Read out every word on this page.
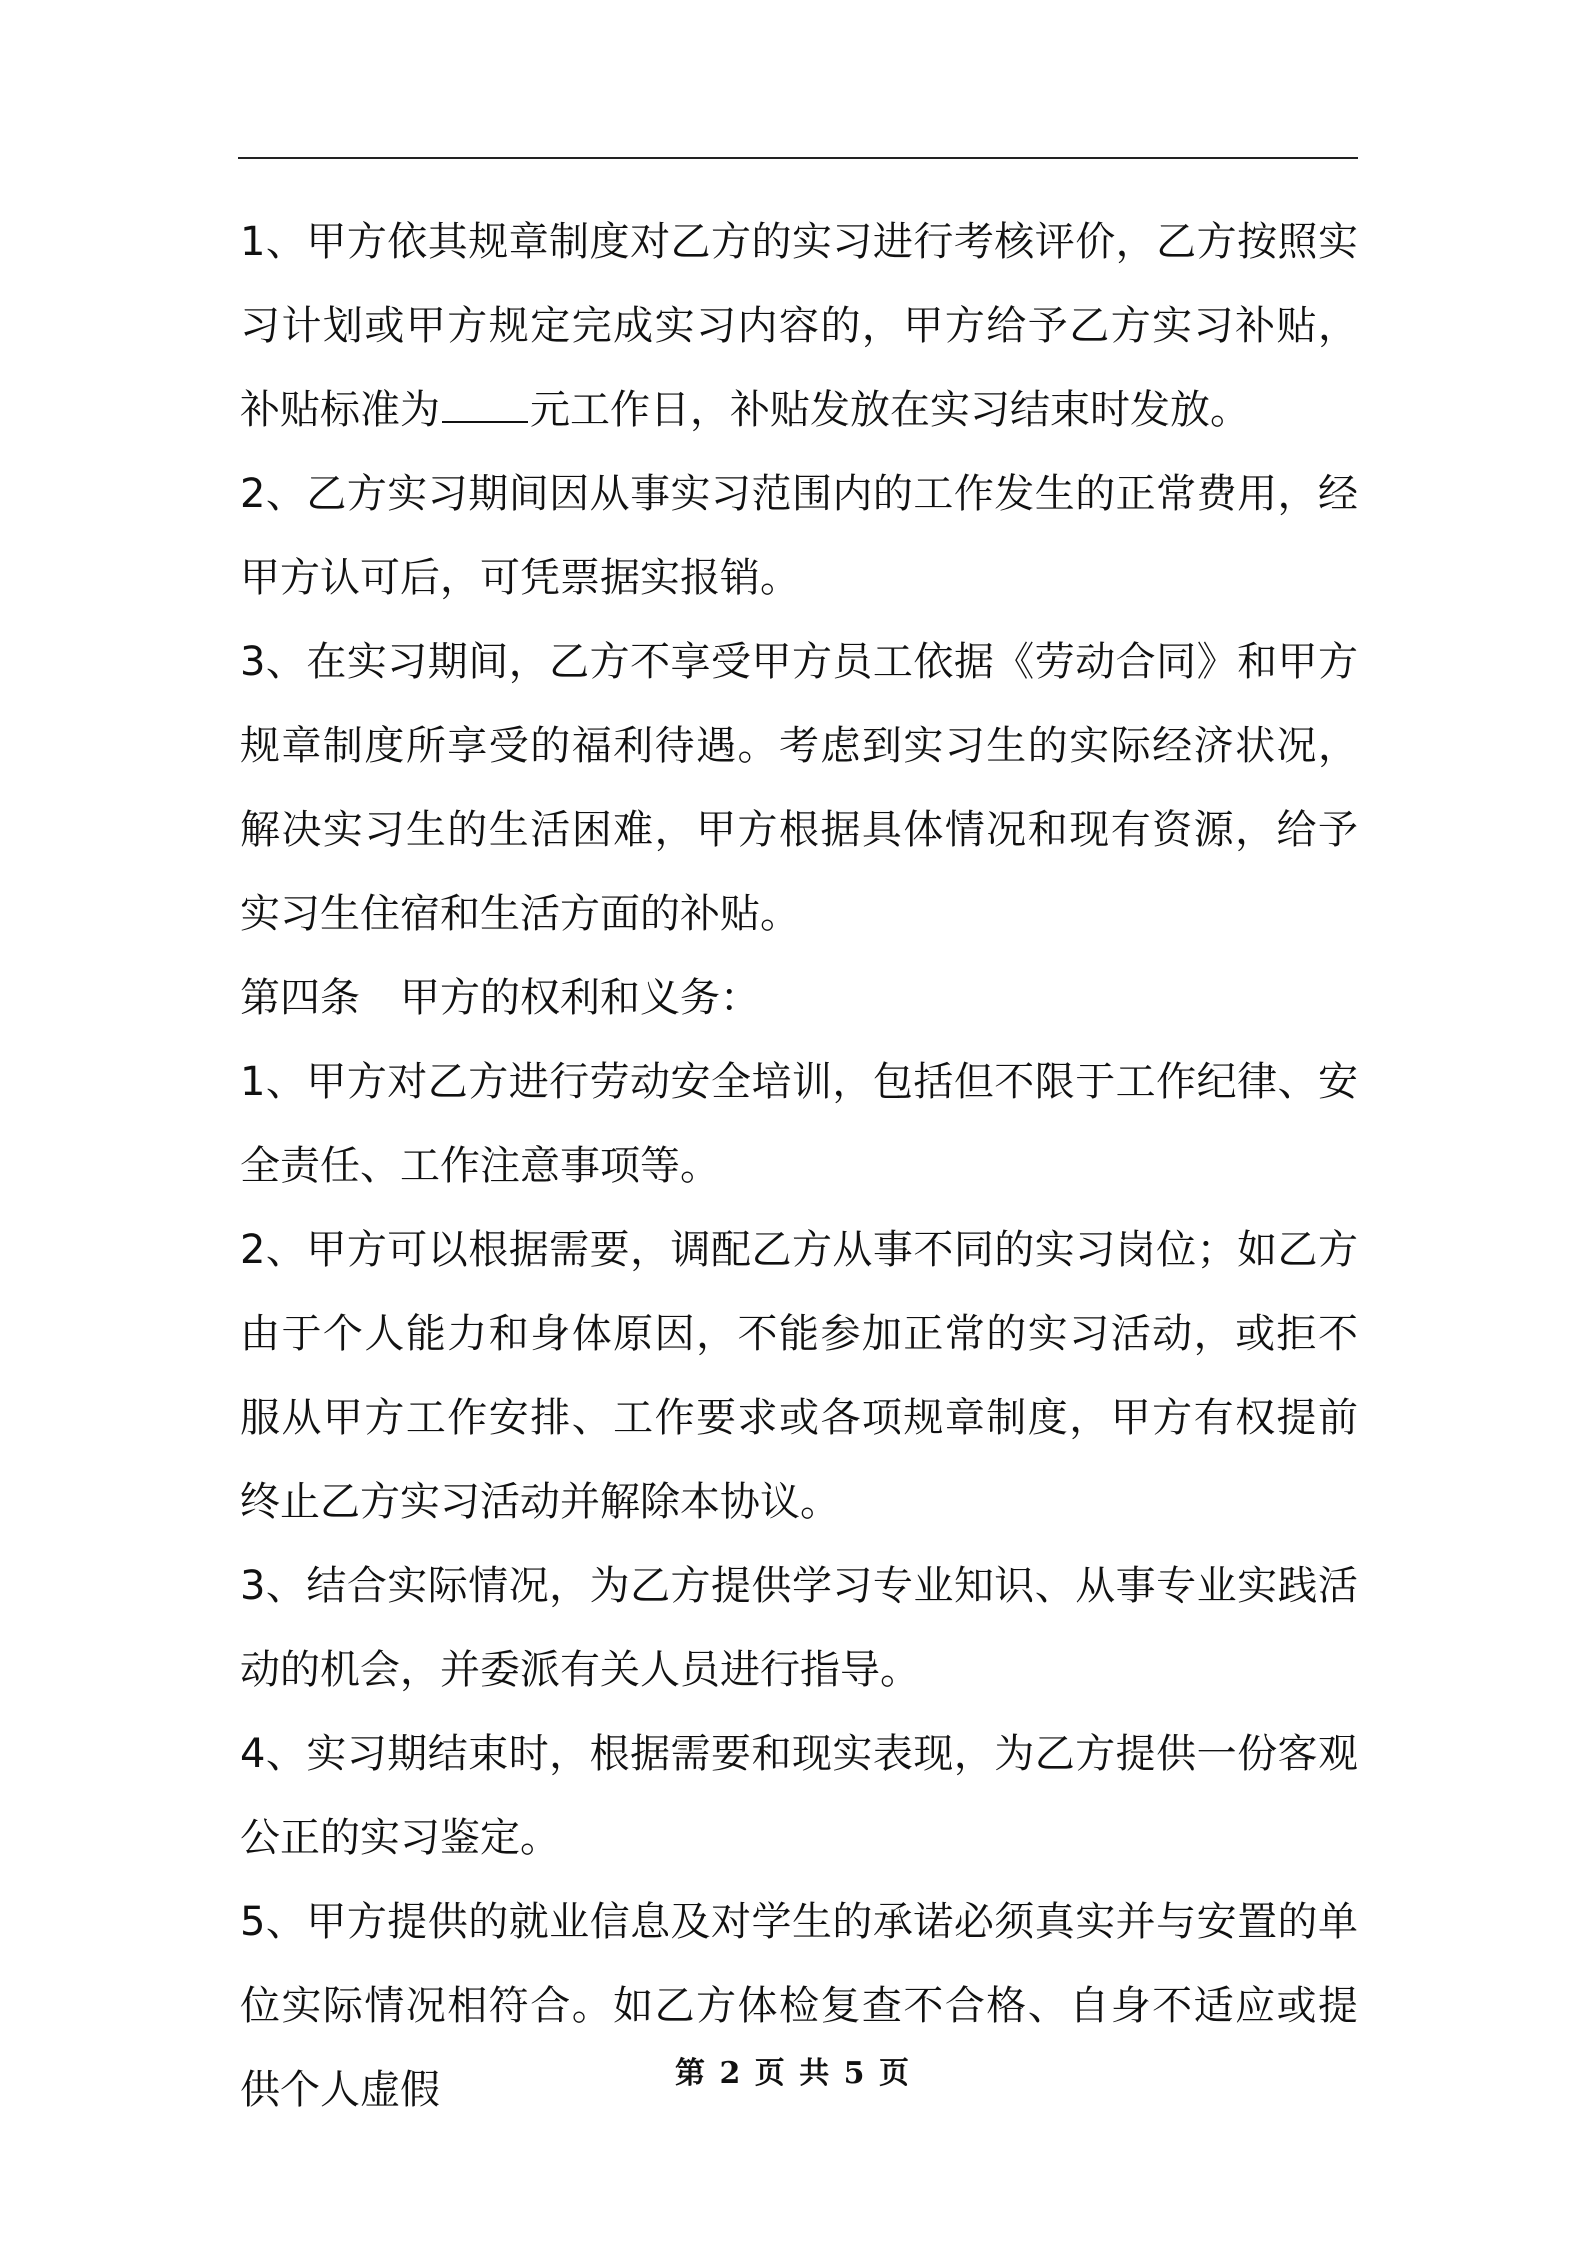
1、甲方依其规章制度对乙方的实习进行考核评价，乙方按照实习计划或甲方规定完成实习内容的，甲方给予乙方实习补贴，补贴标准为 元工作日，补贴发放在实习结束时发放。

2、乙方实习期间因从事实习范围内的工作发生的正常费用，经甲方认可后，可凭票据实报销。

3、在实习期间，乙方不享受甲方员工依据《劳动合同》和甲方规章制度所享受的福利待遇。考虑到实习生的实际经济状况，解决实习生的生活困难，甲方根据具体情况和现有资源，给予实习生住宿和生活方面的补贴。

第四条　甲方的权利和义务：

1、甲方对乙方进行劳动安全培训，包括但不限于工作纪律、安全责任、工作注意事项等。

2、甲方可以根据需要，调配乙方从事不同的实习岗位；如乙方由于个人能力和身体原因，不能参加正常的实习活动，或拒不服从甲方工作安排、工作要求或各项规章制度，甲方有权提前终止乙方实习活动并解除本协议。

3、结合实际情况，为乙方提供学习专业知识、从事专业实践活动的机会，并委派有关人员进行指导。

4、实习期结束时，根据需要和现实表现，为乙方提供一份客观公正的实习鉴定。

5、甲方提供的就业信息及对学生的承诺必须真实并与安置的单位实际情况相符合。如乙方体检复查不合格、自身不适应或提供个人虚假	第 2 页 共 5 页
